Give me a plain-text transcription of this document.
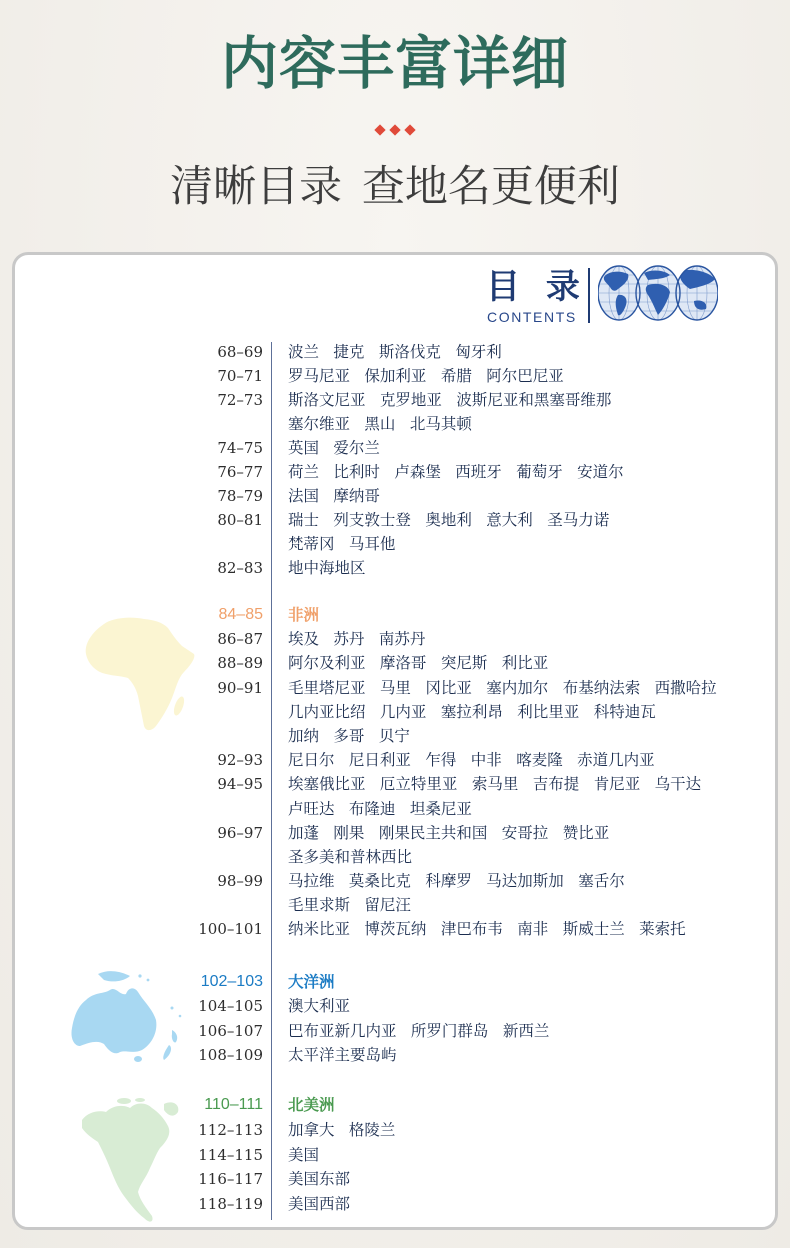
内容丰富详细
清晰目录 查地名更便利
目 录
CONTENTS
68–69 波兰 捷克 斯洛伐克 匈牙利
70–71 罗马尼亚 保加利亚 希腊 阿尔巴尼亚
72–73 斯洛文尼亚 克罗地亚 波斯尼亚和黑塞哥维那
塞尔维亚 黑山 北马其顿
74–75 英国 爱尔兰
76–77 荷兰 比利时 卢森堡 西班牙 葡萄牙 安道尔
78–79 法国 摩纳哥
80–81 瑞士 列支敦士登 奥地利 意大利 圣马力诺
梵蒂冈 马耳他
82–83 地中海地区
84–85 非洲
86–87 埃及 苏丹 南苏丹
88–89 阿尔及利亚 摩洛哥 突尼斯 利比亚
90–91 毛里塔尼亚 马里 冈比亚 塞内加尔 布基纳法索 西撒哈拉
几内亚比绍 几内亚 塞拉利昂 利比里亚 科特迪瓦
加纳 多哥 贝宁
92–93 尼日尔 尼日利亚 乍得 中非 喀麦隆 赤道几内亚
94–95 埃塞俄比亚 厄立特里亚 索马里 吉布提 肯尼亚 乌干达
卢旺达 布隆迪 坦桑尼亚
96–97 加蓬 刚果 刚果民主共和国 安哥拉 赞比亚
圣多美和普林西比
98–99 马拉维 莫桑比克 科摩罗 马达加斯加 塞舌尔
毛里求斯 留尼汪
100–101 纳米比亚 博茨瓦纳 津巴布韦 南非 斯威士兰 莱索托
102–103 大洋洲
104–105 澳大利亚
106–107 巴布亚新几内亚 所罗门群岛 新西兰
108–109 太平洋主要岛屿
110–111 北美洲
112–113 加拿大 格陵兰
114–115 美国
116–117 美国东部
118–119 美国西部
